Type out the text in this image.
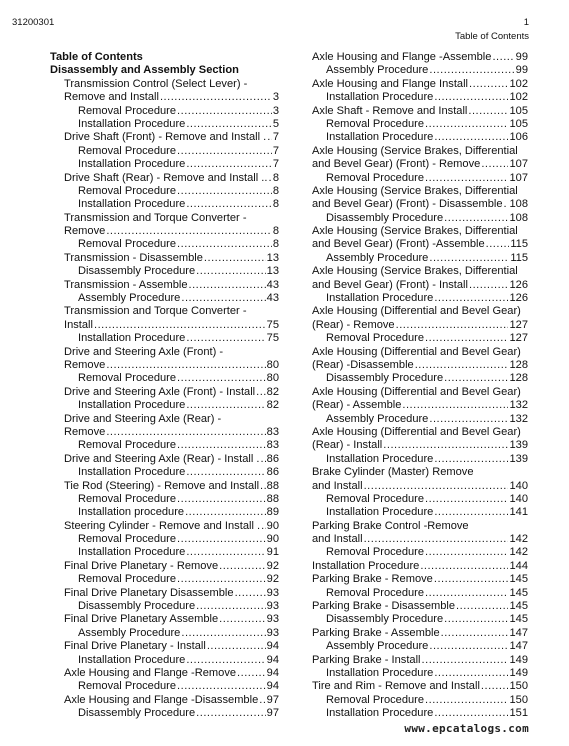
31200301	1
Table of Contents
Table of Contents
Disassembly and Assembly Section
Transmission Control (Select Lever) -
Remove and Install .....	3
Removal Procedure .....	3
Installation Procedure .....	5
Drive Shaft (Front) - Remove and Install . ..... 7
Removal Procedure .....	7
Installation Procedure .....	7
Drive Shaft (Rear) - Remove and Install .. ..... 8
Removal Procedure .....	8
Installation Procedure .....	8
Transmission and Torque Converter -
Remove .....	8
Removal Procedure .....	8
Transmission - Disassemble .....	13
Disassembly Procedure .....	13
Transmission - Assemble .....	43
Assembly Procedure .....	43
Transmission and Torque Converter -
Install .....	75
Installation Procedure .....	75
Drive and Steering Axle (Front) -
Remove .....	80
Removal Procedure .....	80
Drive and Steering Axle (Front) - Install ..... 82
Installation Procedure .....	82
Drive and Steering Axle (Rear) -
Remove .....	83
Removal Procedure .....	83
Drive and Steering Axle (Rear) - Install . ..... 86
Installation Procedure .....	86
Tie Rod (Steering) - Remove and Install ..... 88
Removal Procedure .....	88
Installation procedure .....	89
Steering Cylinder - Remove and Install . ..... 90
Removal Procedure .....	90
Installation Procedure .....	91
Final Drive Planetary - Remove .....	92
Removal Procedure .....	92
Final Drive Planetary Disassemble .....	93
Disassembly Procedure .....	93
Final Drive Planetary Assemble .....	93
Assembly Procedure .....	93
Final Drive Planetary - Install .....	94
Installation Procedure .....	94
Axle Housing and Flange -Remove .....	94
Removal Procedure .....	94
Axle Housing and Flange -Disassemble ..... 97
Disassembly Procedure .....	97
Axle Housing and Flange -Assemble ..... 99
Assembly Procedure .....	99
Axle Housing and Flange Install .....	102
Installation Procedure .....	102
Axle Shaft - Remove and Install .....	105
Removal Procedure .....	105
Installation Procedure .....	106
Axle Housing (Service Brakes, Differential
and Bevel Gear) (Front) - Remove .....	107
Removal Procedure .....	107
Axle Housing (Service Brakes, Differential
and Bevel Gear) (Front) - Disassemble ..... 108
Disassembly Procedure .....	108
Axle Housing (Service Brakes, Differential
and Bevel Gear) (Front) -Assemble ..... 115
Assembly Procedure .....	115
Axle Housing (Service Brakes, Differential
and Bevel Gear) (Front) - Install .....	126
Installation Procedure .....	126
Axle Housing (Differential and Bevel Gear)
(Rear) - Remove .....	127
Removal Procedure .....	127
Axle Housing (Differential and Bevel Gear)
(Rear) -Disassemble .....	128
Disassembly Procedure .....	128
Axle Housing (Differential and Bevel Gear)
(Rear) - Assemble .....	132
Assembly Procedure .....	132
Axle Housing (Differential and Bevel Gear)
(Rear) - Install .....	139
Installation Procedure .....	139
Brake Cylinder (Master) Remove
and Install .....	140
Removal Procedure .....	140
Installation Procedure .....	141
Parking Brake Control -Remove
and Install .....	142
Removal Procedure .....	142
Installation Procedure .....	144
Parking Brake - Remove .....	145
Removal Procedure .....	145
Parking Brake - Disassemble .....	145
Disassembly Procedure .....	145
Parking Brake - Assemble .....	147
Assembly Procedure .....	147
Parking Brake - Install .....	149
Installation Procedure .....	149
Tire and Rim - Remove and Install .....	150
Removal Procedure .....	150
Installation Procedure .....	151
www.epcatalogs.com
